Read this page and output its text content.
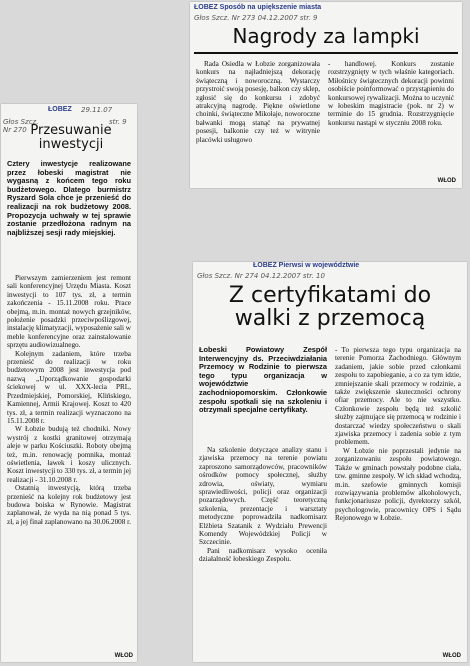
ŁOBEZ 29.11.07
Głos Szcz. Nr 270
str. 9
Przesuwanie inwestycji
Cztery inwestycje realizowane przez łobeski magistrat nie wygasną z końcem tego roku budżetowego. Dlatego burmistrz Ryszard Sola chce je przenieść do realizacji na rok budżetowy 2008. Propozycja uchwały w tej sprawie zostanie przedłożona radnym na najbliższej sesji rady miejskiej.

Pierwszym zamierzeniem jest remont sali konferencyjnej Urzędu Miasta. Koszt inwestycji to 107 tys. zł, a termin zakończenia - 15.11.2008 roku. Prace obejmą, m.in. montaż nowych grzejników, położenie posadzki przeciwpoślizgowej, instalację klimatyzacji, wyposażenie sali w meble konferencyjne oraz zainstalowanie sprzętu audiowizualnego.

Kolejnym zadaniem, które trzeba przenieść do realizacji w roku budżetowym 2008 jest inwestycja pod nazwą „Uporządkowanie gospodarki ściekowej w ul. XXX-lecia PRL, Przedmiejskiej, Pomorskiej, Klińskiego, Kamiennej, Armii Krajowej. Koszt to 420 tys. zł, a termin realizacji wyznaczono na 15.11.2008 r.

W Łobzie budują też chodniki. Nowy wystrój z kostki granitowej otrzymają aleje w parku Kościuszki. Roboty obejmą też, m.in. renowację pomnika, montaż oświetlenia, ławek i koszy ulicznych. Koszt inwestycji to 330 tys. zł, a termin jej realizacji - 31.10.2008 r.

Ostatnią inwestycją, którą trzeba przenieść na kolejny rok budżetowy jest budowa boiska w Rynowie. Magistrat zaplanował, że wyda na nią ponad 5 tys. zł, a jej finał zaplanowano na 30.06.2008 r.

WŁOD
ŁOBEZ Sposób na upiększenie miasta
Głos Szcz. Nr 273 04.12.2007 str. 9
Nagrody za lampki
Rada Osiedla w Łobzie zorganizowała konkurs na najładniejszą dekorację świąteczną i noworoczną. Wystarczy przystroić swoją posesję, balkon czy sklep, zgłosić się do konkursu i zdobyć atrakcyjną nagrodę. Piękne oświetlone choinki, świąteczne Mikołaje, noworoczne bałwanki mogą stanąć na prywatnej posesji, balkonie czy też w witrynie placówki usługowo
- handlowej. Konkurs zostanie rozstrzygnięty w tych właśnie kategoriach. Miłośnicy świątecznych dekoracji powinni osobiście poinformować o przystąpieniu do konkursowej rywalizacji. Można to uczynić w łobeskim magistracie (pok. nr 2) w terminie do 15 grudnia. Rozstrzygnięcie konkursu nastąpi w styczniu 2008 roku.
WŁOD
ŁOBEZ Pierwsi w województwie
Głos Szcz. Nr 274 04.12.2007 str. 10
Z certyfikatami do walki z przemocą
Łobeski Powiatowy Zespół Interwencyjny ds. Przeciwdziałania Przemocy w Rodzinie to pierwsza tego typu organizacja w województwie zachodniopomorskim. Członkowie zespołu spotkali się na szkoleniu i otrzymali specjalne certyfikaty.

Na szkolenie dotyczące analizy stanu i zjawiska przemocy na terenie powiatu zaproszono samorządowców, pracowników ośrodków pomocy społecznej, służby zdrowia, oświaty, wymiaru sprawiedliwości, policji oraz organizacji pozarządowych. Część teoretyczną szkolenia, prezentacje i warsztaty metodyczne poprowadziła nadkomisarz Elżbieta Szatanik z Wydziału Prewencji Komendy Wojewódzkiej Policji w Szczecinie.

Pani nadkomisarz wysoko oceniła działalność łobeskiego Zespołu.

- To pierwsza tego typu organizacja na terenie Pomorza Zachodniego. Głównym zadaniem, jakie sobie przed członkami zespołu to zapobieganie, a co za tym idzie, zmniejszanie skali przemocy w rodzinie, a także zwiększenie skuteczności ochrony ofiar przemocy. Ale to nie wszystko. Członkowie zespołu będą też szkolić służby zajmujące się przemocą w rodzinie i dostarczać wiedzy społeczeństwu o skali zjawiska przemocy i zadenia sobie z tym problemem.

W Łobzie nie poprzestali jedynie na zorganizowaniu zespołu powiatowego. Także w gminach powstały podobne ciała, tzw. gminne zespoły. W ich skład wchodzą, m.in. szefowie gminnych komisji rozwiązywania problemów alkoholowych, funkcjonariusze policji, dyrektorzy szkół, psychologowie, pracownicy OPS i Sądu Rejonowego w Łobzie.

WŁOD
